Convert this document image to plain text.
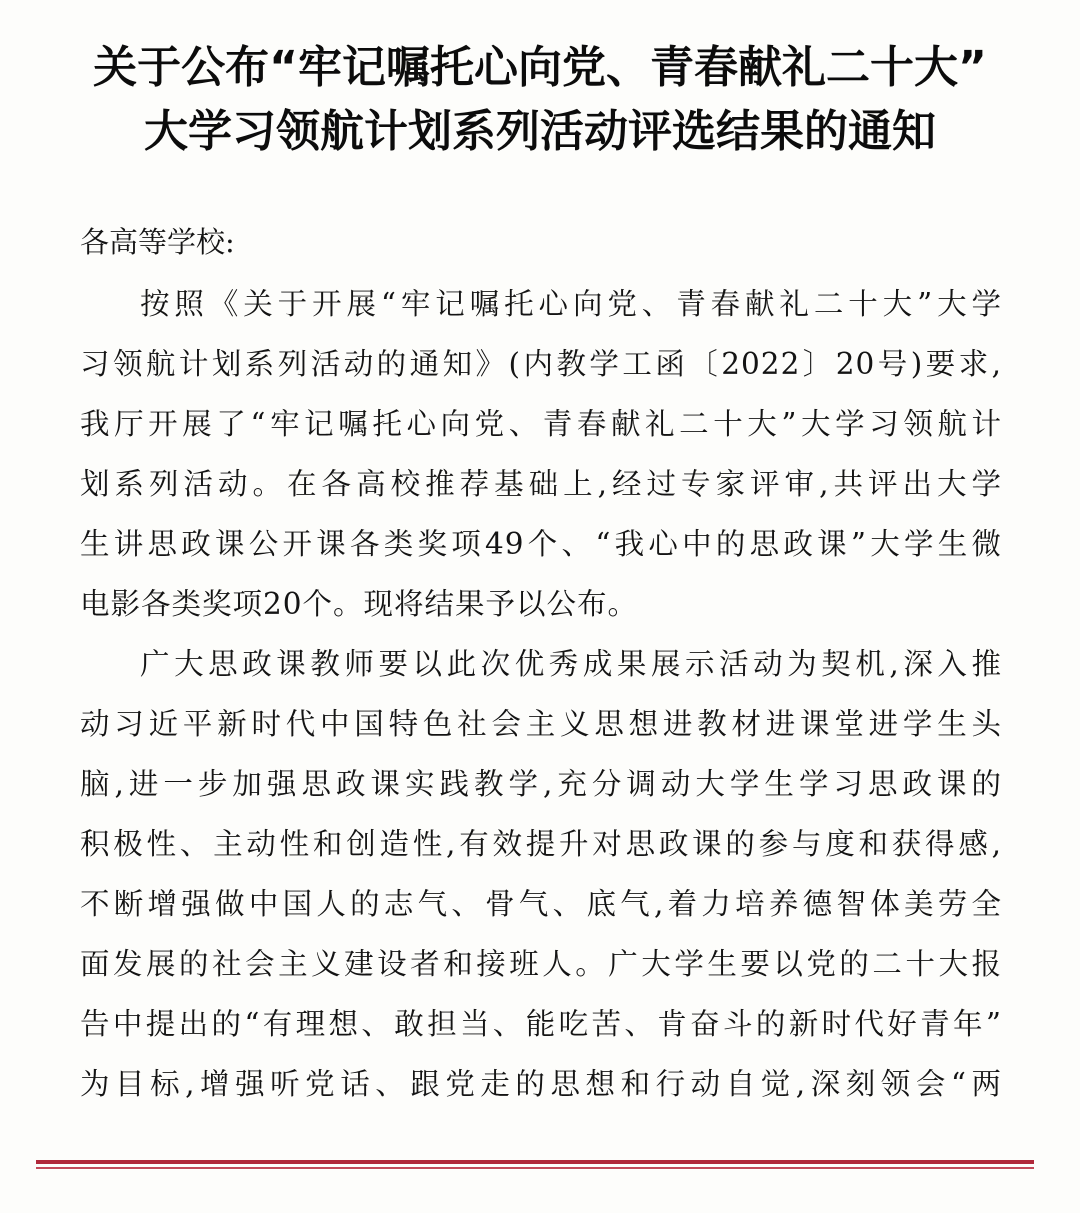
关于公布“牢记嘱托心向党、青春献礼二十大”
大学习领航计划系列活动评选结果的通知
各高等学校:
按照《关于开展“牢记嘱托心向党、青春献礼二十大”大学
习领航计划系列活动的通知》(内教学工函〔2022〕20号)要求,
我厅开展了“牢记嘱托心向党、青春献礼二十大”大学习领航计
划系列活动。在各高校推荐基础上,经过专家评审,共评出大学
生讲思政课公开课各类奖项49个、“我心中的思政课”大学生微
电影各类奖项20个。现将结果予以公布。
广大思政课教师要以此次优秀成果展示活动为契机,深入推
动习近平新时代中国特色社会主义思想进教材进课堂进学生头
脑,进一步加强思政课实践教学,充分调动大学生学习思政课的
积极性、主动性和创造性,有效提升对思政课的参与度和获得感,
不断增强做中国人的志气、骨气、底气,着力培养德智体美劳全
面发展的社会主义建设者和接班人。广大学生要以党的二十大报
告中提出的“有理想、敢担当、能吃苦、肯奋斗的新时代好青年”
为目标,增强听党话、跟党走的思想和行动自觉,深刻领会“两
